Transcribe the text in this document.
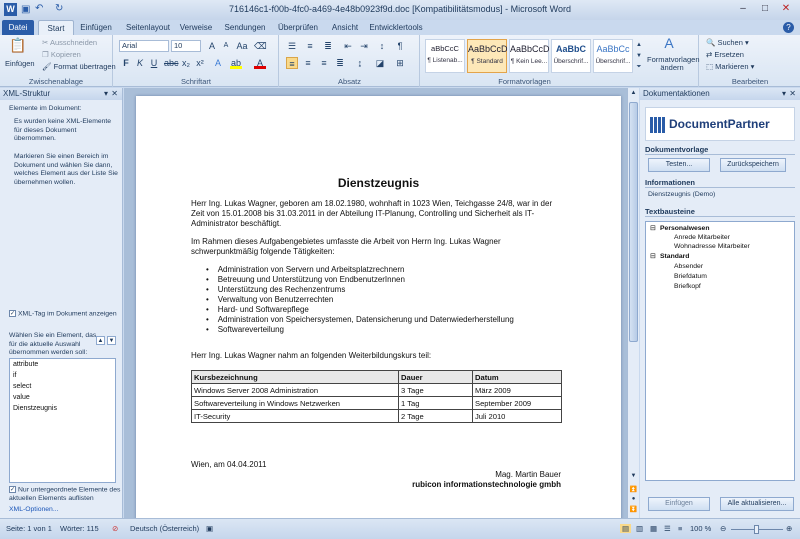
W ▣ ↶ ↻	716146c1-f00b-4fc0-a469-4e48b0923f9d.doc [Kompatibilitätsmodus] - Microsoft Word	–	□	✕
Datei	Start	Einfügen	Seitenlayout	Verweise	Sendungen	Überprüfen	Ansicht	Entwicklertools	?
📋
Einfügen
✂ Ausschneiden
❐ Kopieren
🖌 Format übertragen
Zwischenablage
Arial	10	A	A Aa ⌫
F K U abc x₂ x²	A	ab	A
Schriftart
☰	≡	≣ ⇤ ⇥	↕	¶
≡	≡	≡	≣	↨	◪ ⊞
Absatz
aBbCcC
¶ Listenab...
AaBbCcD
¶ Standard
AaBbCcD
¶ Kein Lee...
AaBbC
Überschrif...
AaBbCc
Überschrif...
▲
▼
⏷
A
Formatvorlagen ändern
Formatvorlagen
🔍 Suchen ▾
⇄ Ersetzen
⬚ Markieren ▾
Bearbeiten
XML-Struktur	▾ ✕
Elemente im Dokument:
Es wurden keine XML-Elemente für dieses Dokument übernommen.
Markieren Sie einen Bereich im Dokument und wählen Sie dann, welches Element aus der Liste Sie übernehmen wollen.
✓ XML-Tag im Dokument anzeigen
Wählen Sie ein Element, das für die aktuelle Auswahl übernommen werden soll:
▲ ▼
attribute
if
select
value
Dienstzeugnis
✓ Nur untergeordnete Elemente des aktuellen Elements auflisten
XML-Optionen...
Dienstzeugnis
Herr Ing. Lukas Wagner, geboren am 18.02.1980, wohnhaft in 1023 Wien, Teichgasse 24/8, war in der Zeit von 15.01.2008 bis 31.03.2011 in der Abteilung IT-Planung, Controlling und Sicherheit als IT-Administrator beschäftigt.
Im Rahmen dieses Aufgabengebietes umfasste die Arbeit von Herrn Ing. Lukas Wagner schwerpunktmäßig folgende Tätigkeiten:
•    Administration von Servern und Arbeitsplatzrechnern
•    Betreuung und Unterstützung von EndbenutzerInnen
•    Unterstützung des Rechenzentrums
•    Verwaltung von Benutzerrechten
•    Hard- und Softwarepflege
•    Administration von Speichersystemen, Datensicherung und Datenwiederherstellung
•    Softwareverteilung
Herr Ing. Lukas Wagner nahm an folgenden Weiterbildungskurs teil:
Kursbezeichnung	Dauer	Datum
Windows Server 2008 Administration	3 Tage	März 2009
Softwareverteilung in Windows Netzwerken	1 Tag	September 2009
IT-Security	2 Tage	Juli 2010
Wien, am 04.04.2011
Mag. Martin Bauer
rubicon informationstechnologie gmbh
▲
▼
⏫
●
⏬
Dokumentaktionen	▾ ✕
DocumentPartner
Dokumentvorlage
Testen...	Zurückspeichern
Informationen
Dienstzeugnis (Demo)
Textbausteine
⊟ Personalwesen
Anrede Mitarbeiter
Wohnadresse Mitarbeiter
⊟ Standard
Absender
Briefdatum
Briefkopf
Einfügen	Alle aktualisieren...
Seite: 1 von 1 Wörter: 115 ⊘ Deutsch (Österreich) ▣	▤ ▥ ▦ ☰ ≡ 100 % ⊖	⊕
